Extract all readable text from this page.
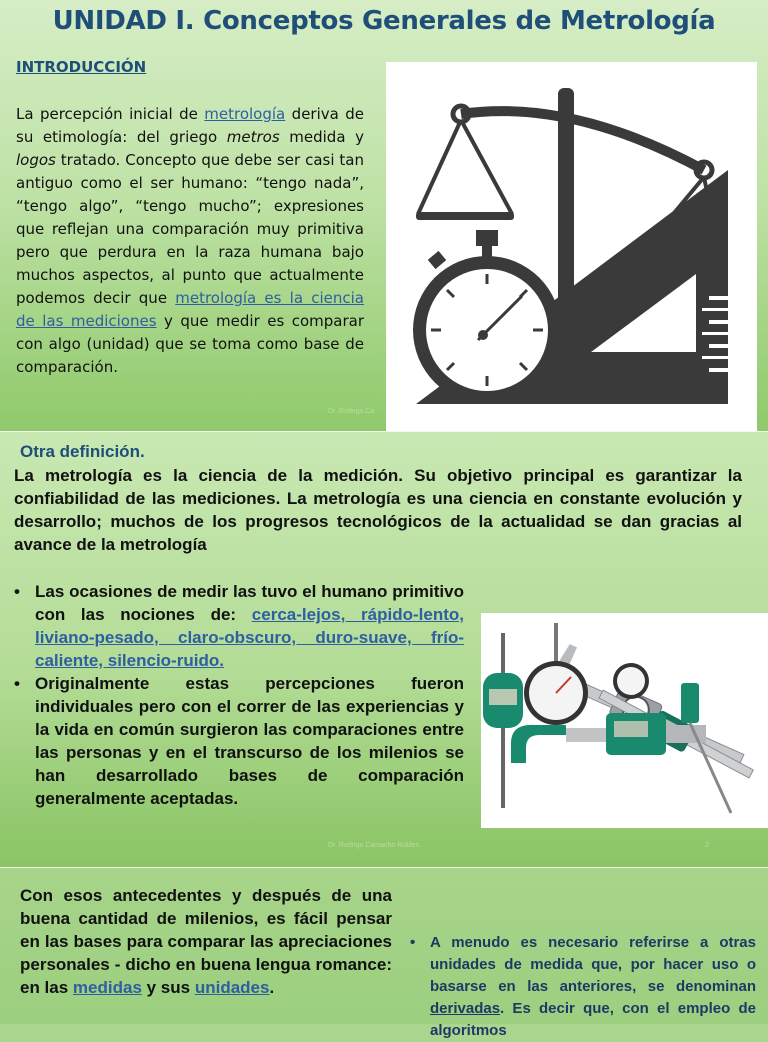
UNIDAD I. Conceptos Generales de Metrología
INTRODUCCIÓN
La percepción inicial de metrología deriva de su etimología: del griego metros medida y logos tratado. Concepto que debe ser casi tan antiguo como el ser humano: “tengo nada”, “tengo algo”, “tengo mucho”; expresiones que reflejan una comparación muy primitiva pero que perdura en la raza humana bajo muchos aspectos, al punto que actualmente podemos decir que metrología es la ciencia de las mediciones y que medir es comparar con algo (unidad) que se toma como base de comparación.
Dr. Rodrigo Ca
Otra definición.
La metrología es la ciencia de la medición. Su objetivo principal es garantizar la confiabilidad de las mediciones. La metrología es una ciencia en constante evolución y desarrollo; muchos de los progresos tecnológicos de la actualidad se dan gracias al avance de la metrología
• Las ocasiones de medir las tuvo el humano primitivo con las nociones de: cerca-lejos, rápido-lento, liviano-pesado, claro-obscuro, duro-suave, frío-caliente, silencio-ruido.
• Originalmente estas percepciones fueron individuales pero con el correr de las experiencias y la vida en común surgieron las comparaciones entre las personas y en el transcurso de los milenios se han desarrollado bases de comparación generalmente aceptadas.
Dr. Rodrigo Camacho Robles	2
Con esos antecedentes y después de una buena cantidad de milenios, es fácil pensar en las bases para comparar las apreciaciones personales - dicho en buena lengua romance: en las medidas y sus unidades.
• A menudo es necesario referirse a otras unidades de medida que, por hacer uso o basarse en las anteriores, se denominan derivadas. Es decir que, con el empleo de algoritmos
